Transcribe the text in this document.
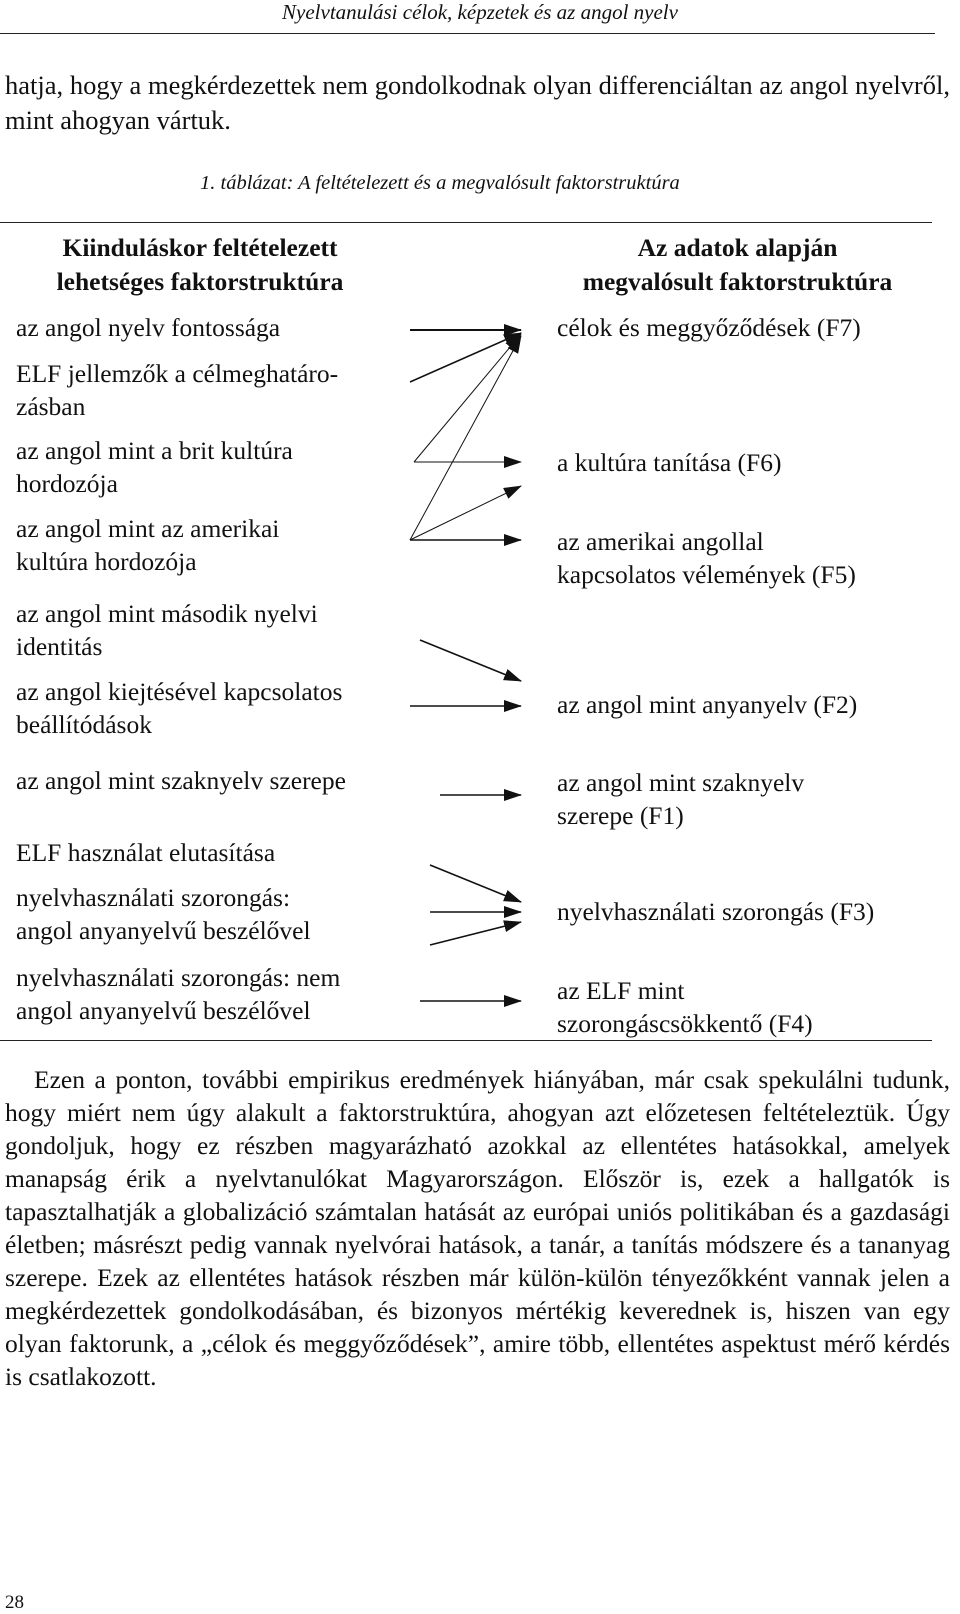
Nyelvtanulási célok, képzetek és az angol nyelv
hatja, hogy a megkérdezettek nem gondolkodnak olyan differenciáltan az angol nyelvről, mint ahogyan vártuk.
1. táblázat: A feltételezett és a megvalósult faktorstruktúra
Kiinduláskor feltételezett
lehetséges faktorstruktúra
Az adatok alapján
megvalósult faktorstruktúra
az angol nyelv fontossága
ELF jellemzők a célmeghatáro-
zásban
az angol mint a brit kultúra
hordozója
az angol mint az amerikai
kultúra hordozója
az angol mint második nyelvi
identitás
az angol kiejtésével kapcsolatos
beállítódások
az angol mint szaknyelv szerepe
ELF használat elutasítása
nyelvhasználati szorongás:
angol anyanyelvű beszélővel
nyelvhasználati szorongás: nem
angol anyanyelvű beszélővel
célok és meggyőződések (F7)
a kultúra tanítása (F6)
az amerikai angollal
kapcsolatos vélemények (F5)
az angol mint anyanyelv (F2)
az angol mint szaknyelv
szerepe (F1)
nyelvhasználati szorongás (F3)
az ELF mint
szorongáscsökkentő (F4)
Ezen a ponton, további empirikus eredmények hiányában, már csak spekulálni tudunk, hogy miért nem úgy alakult a faktorstruktúra, ahogyan azt előzetesen feltételeztük. Úgy gondoljuk, hogy ez részben magyarázható azokkal az ellentétes hatásokkal, amelyek manapság érik a nyelvtanulókat Magyarországon. Először is, ezek a hallgatók is tapasztalhatják a globalizáció számtalan hatását az európai uniós politikában és a gazdasági életben; másrészt pedig vannak nyelvórai hatások, a tanár, a tanítás módszere és a tananyag szerepe. Ezek az ellentétes hatások részben már külön-külön tényezőkként vannak jelen a megkérdezettek gondolkodásában, és bizonyos mértékig keverednek is, hiszen van egy olyan faktorunk, a „célok és meggyőződések”, amire több, ellentétes aspektust mérő kérdés is csatlakozott.
28
